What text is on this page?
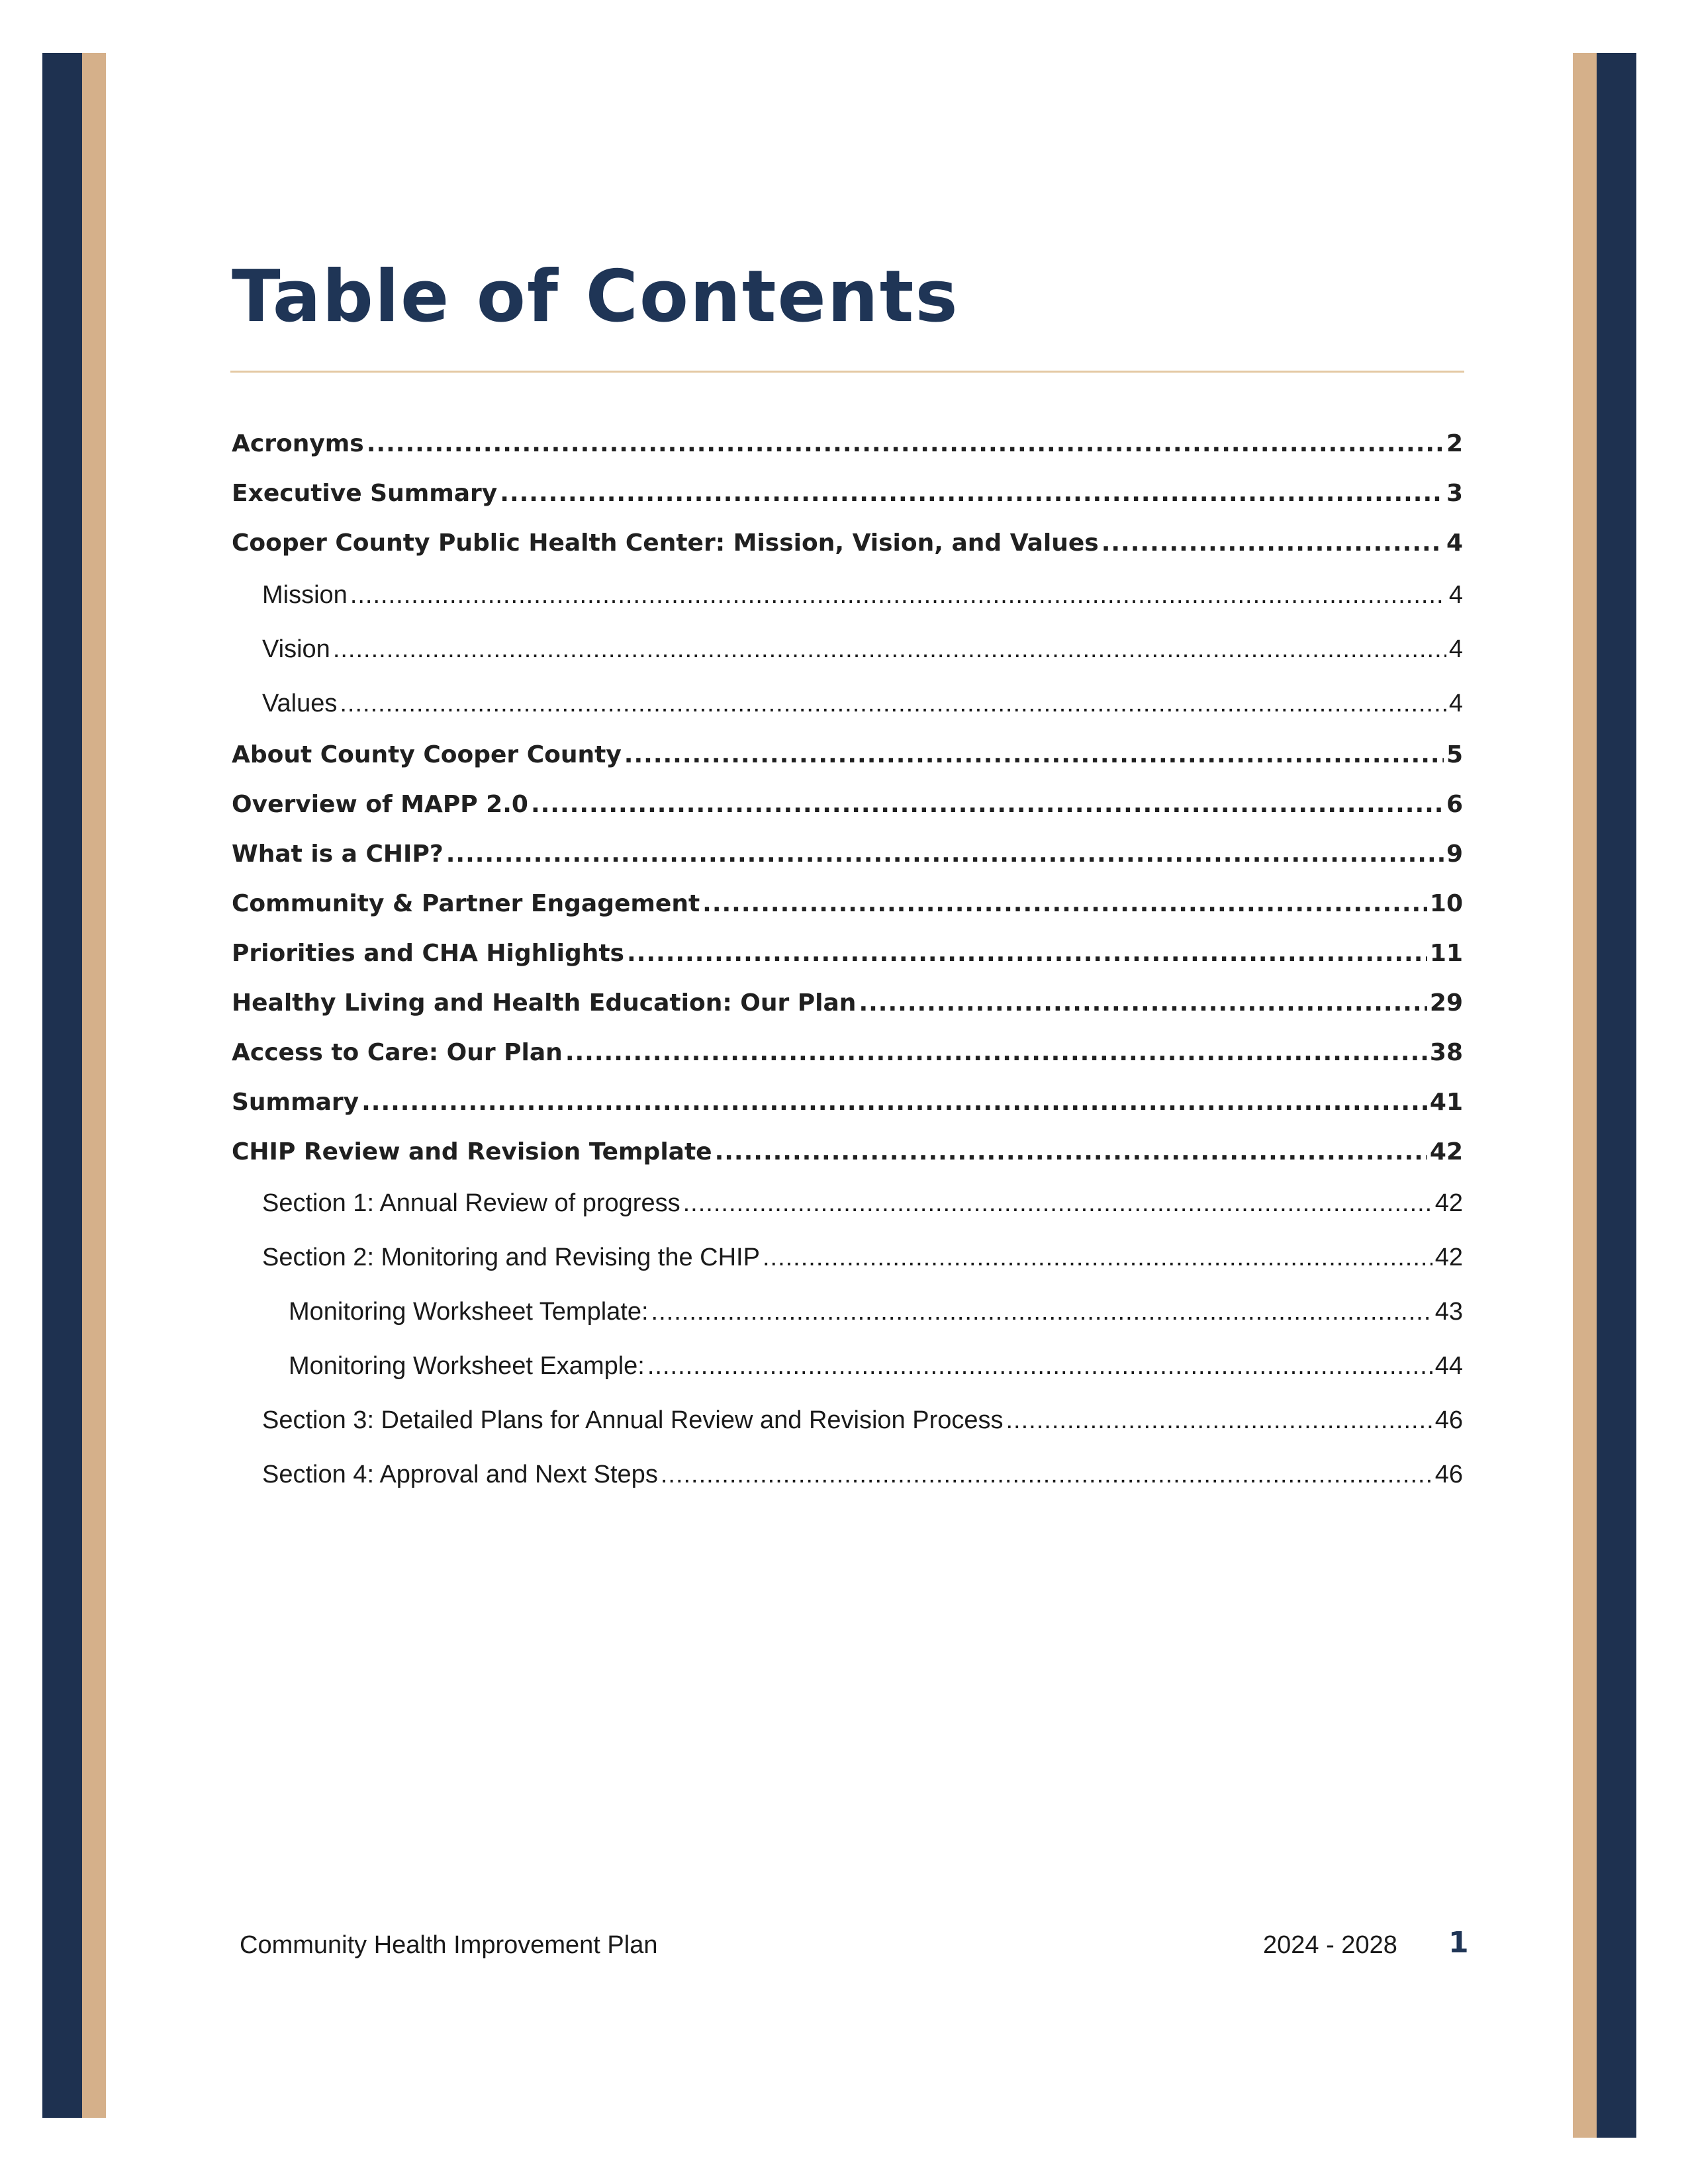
Table of Contents
Acronyms .....	2
Executive Summary .....	3
Cooper County Public Health Center: Mission, Vision, and Values .....	4
Mission .....	4
Vision .....	4
Values .....	4
About County Cooper County .....	5
Overview of MAPP 2.0 .....	6
What is a CHIP? .....	9
Community & Partner Engagement .....	10
Priorities and CHA Highlights .....	11
Healthy Living and Health Education: Our Plan .....	29
Access to Care: Our Plan .....	38
Summary .....	41
CHIP Review and Revision Template .....	42
Section 1: Annual Review of progress .....	42
Section 2: Monitoring and Revising the CHIP .....	42
Monitoring Worksheet Template: .....	43
Monitoring Worksheet Example: .....	44
Section 3: Detailed Plans for Annual Review and Revision Process .....	46
Section 4: Approval and Next Steps .....	46

Community Health Improvement Plan	2024 - 2028 1
